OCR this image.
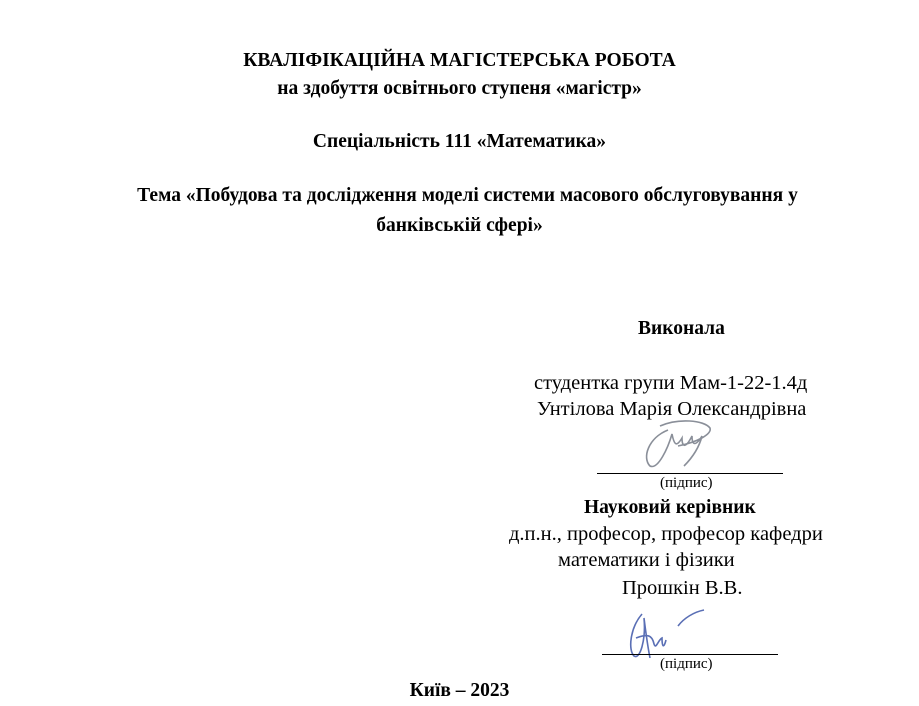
КВАЛІФІКАЦІЙНА МАГІСТЕРСЬКА РОБОТА
на здобуття освітнього ступеня «магістр»
Спеціальність 111 «Математика»
Тема «Побудова та дослідження моделі системи масового обслуговування у
банківській сфері»
Виконала
студентка групи Мам-1-22-1.4д
Унтілова Марія Олександрівна
(підпис)
Науковий керівник
д.п.н., професор, професор кафедри
математики і фізики
Прошкін В.В.
(підпис)
Київ – 2023
